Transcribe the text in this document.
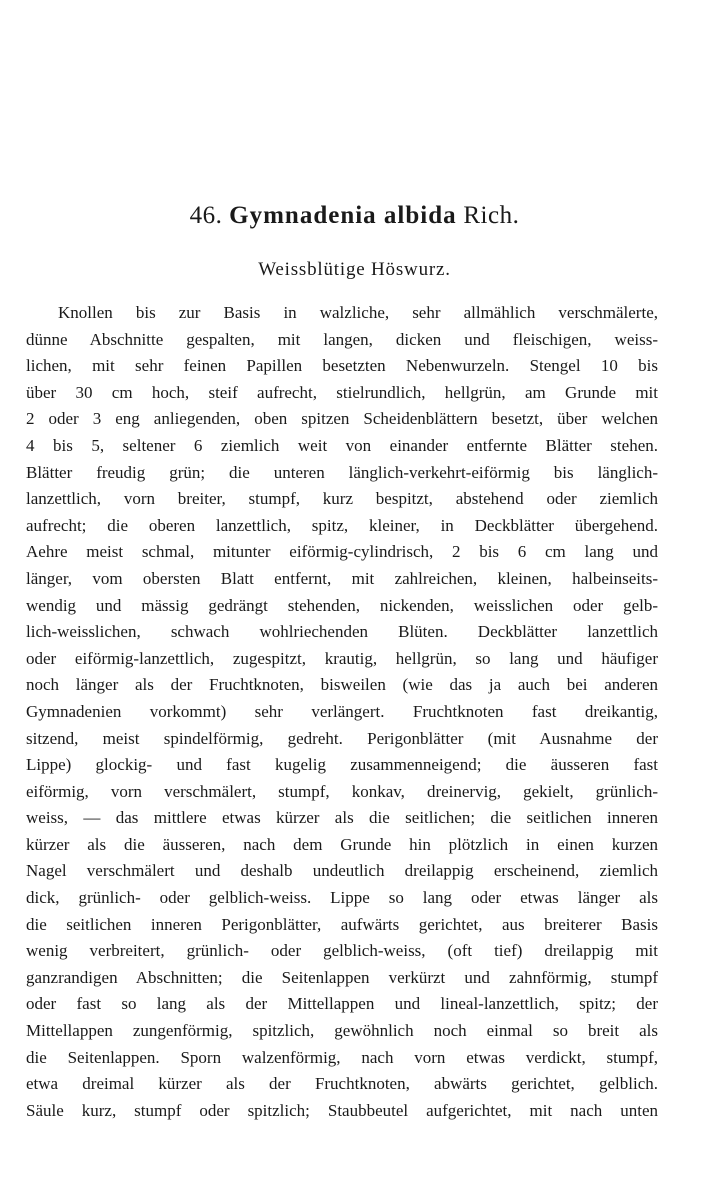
46. Gymnadenia albida Rich.
Weissblütige Höswurz.
Knollen bis zur Basis in walzliche, sehr allmählich verschmälerte,
dünne Abschnitte gespalten, mit langen, dicken und fleischigen, weiss-
lichen, mit sehr feinen Papillen besetzten Nebenwurzeln. Stengel 10 bis
über 30 cm hoch, steif aufrecht, stielrundlich, hellgrün, am Grunde mit
2 oder 3 eng anliegenden, oben spitzen Scheidenblättern besetzt, über welchen
4 bis 5, seltener 6 ziemlich weit von einander entfernte Blätter stehen.
Blätter freudig grün; die unteren länglich-verkehrt-eiförmig bis länglich-
lanzettlich, vorn breiter, stumpf, kurz bespitzt, abstehend oder ziemlich
aufrecht; die oberen lanzettlich, spitz, kleiner, in Deckblätter übergehend.
Aehre meist schmal, mitunter eiförmig-cylindrisch, 2 bis 6 cm lang und
länger, vom obersten Blatt entfernt, mit zahlreichen, kleinen, halbeinseits-
wendig und mässig gedrängt stehenden, nickenden, weisslichen oder gelb-
lich-weisslichen, schwach wohlriechenden Blüten. Deckblätter lanzettlich
oder eiförmig-lanzettlich, zugespitzt, krautig, hellgrün, so lang und häufiger
noch länger als der Fruchtknoten, bisweilen (wie das ja auch bei anderen
Gymnadenien vorkommt) sehr verlängert. Fruchtknoten fast dreikantig,
sitzend, meist spindelförmig, gedreht. Perigonblätter (mit Ausnahme der
Lippe) glockig- und fast kugelig zusammenneigend; die äusseren fast
eiförmig, vorn verschmälert, stumpf, konkav, dreinervig, gekielt, grünlich-
weiss, — das mittlere etwas kürzer als die seitlichen; die seitlichen inneren
kürzer als die äusseren, nach dem Grunde hin plötzlich in einen kurzen
Nagel verschmälert und deshalb undeutlich dreilappig erscheinend, ziemlich
dick, grünlich- oder gelblich-weiss. Lippe so lang oder etwas länger als
die seitlichen inneren Perigonblätter, aufwärts gerichtet, aus breiterer Basis
wenig verbreitert, grünlich- oder gelblich-weiss, (oft tief) dreilappig mit
ganzrandigen Abschnitten; die Seitenlappen verkürzt und zahnförmig, stumpf
oder fast so lang als der Mittellappen und lineal-lanzettlich, spitz; der
Mittellappen zungenförmig, spitzlich, gewöhnlich noch einmal so breit als
die Seitenlappen. Sporn walzenförmig, nach vorn etwas verdickt, stumpf,
etwa dreimal kürzer als der Fruchtknoten, abwärts gerichtet, gelblich.
Säule kurz, stumpf oder spitzlich; Staubbeutel aufgerichtet, mit nach unten
